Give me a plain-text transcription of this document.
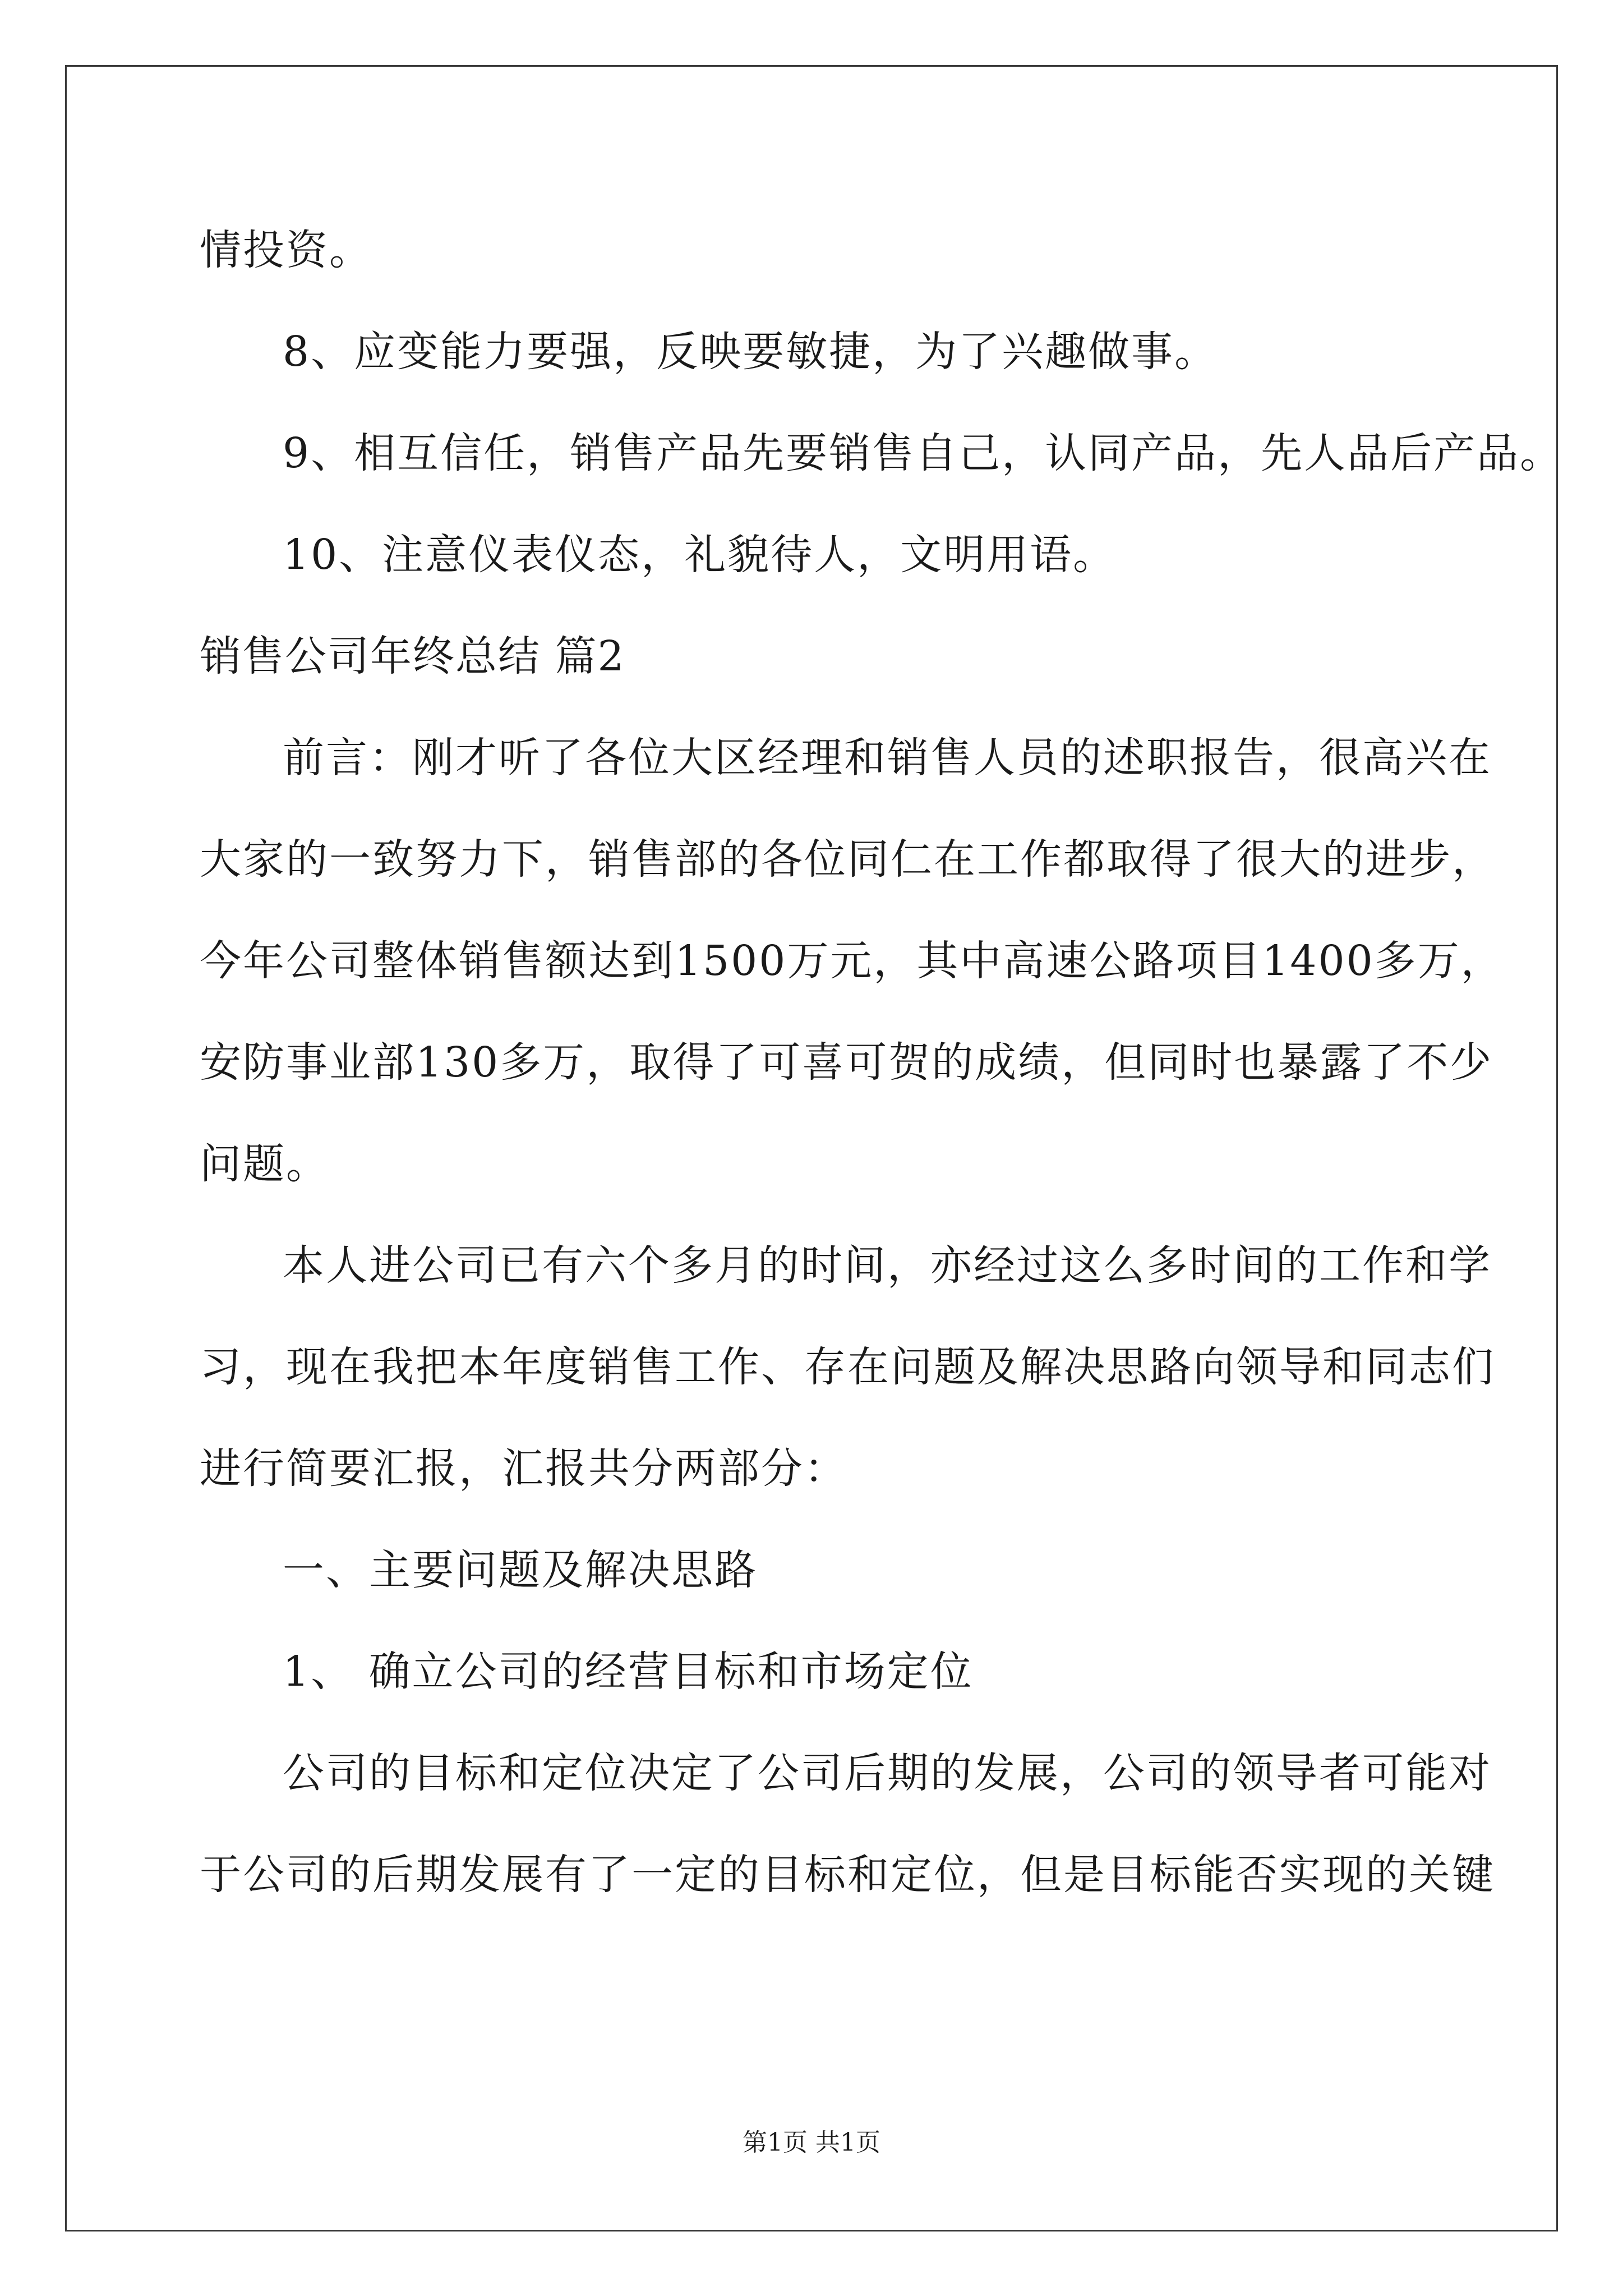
情投资。
8、应变能力要强，反映要敏捷，为了兴趣做事。
9、相互信任，销售产品先要销售自己，认同产品，先人品后产品。
10、注意仪表仪态，礼貌待人，文明用语。
销售公司年终总结 篇2
前言：刚才听了各位大区经理和销售人员的述职报告，很高兴在
大家的一致努力下，销售部的各位同仁在工作都取得了很大的进步，
今年公司整体销售额达到1500万元，其中高速公路项目1400多万，
安防事业部130多万，取得了可喜可贺的成绩，但同时也暴露了不少
问题。
本人进公司已有六个多月的时间，亦经过这么多时间的工作和学
习，现在我把本年度销售工作、存在问题及解决思路向领导和同志们
进行简要汇报，汇报共分两部分：
一、主要问题及解决思路
1、 确立公司的经营目标和市场定位
公司的目标和定位决定了公司后期的发展，公司的领导者可能对
于公司的后期发展有了一定的目标和定位，但是目标能否实现的关键
第1页 共1页
